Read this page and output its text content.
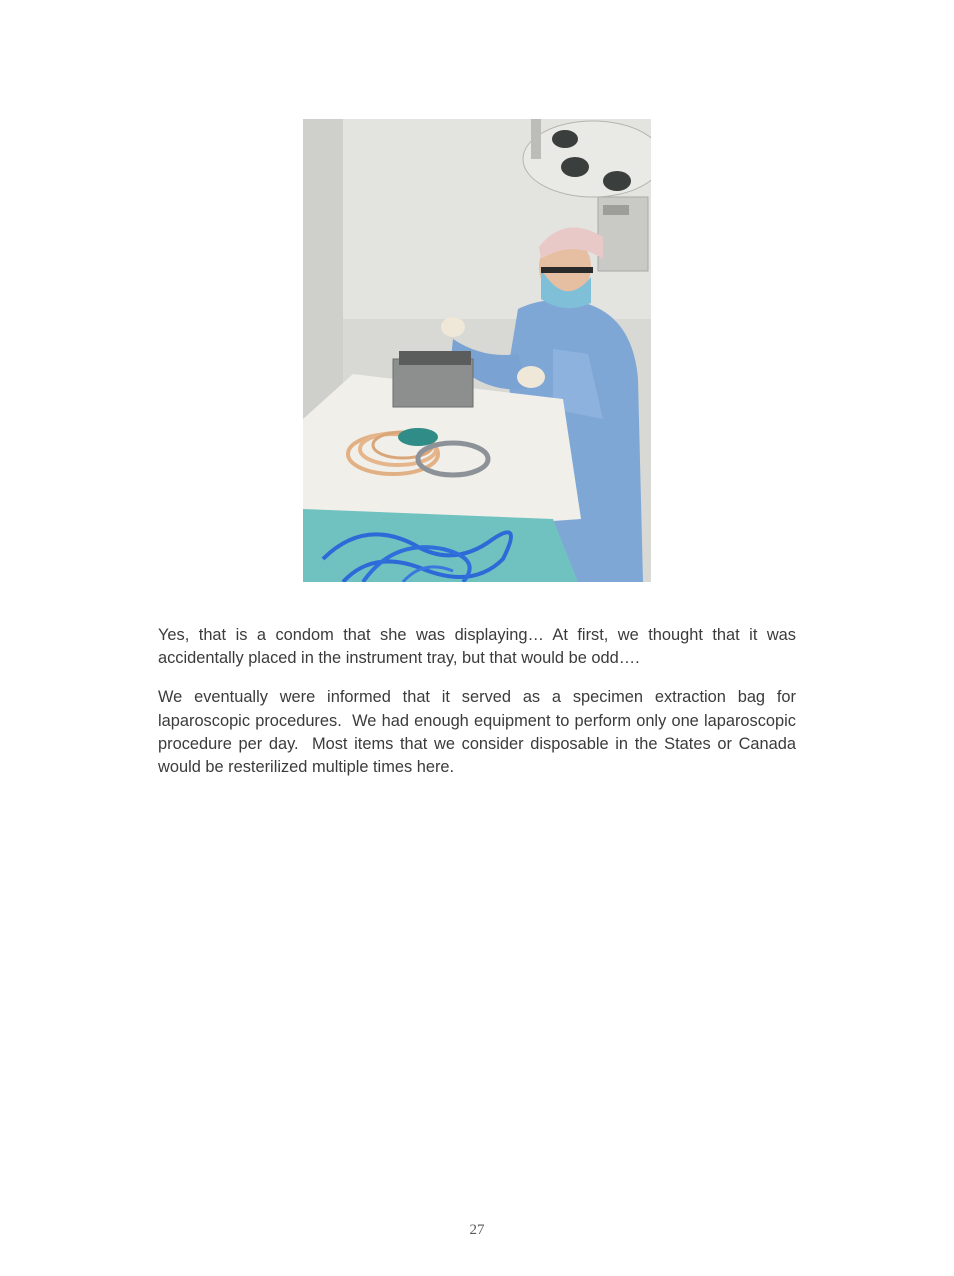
Yes, that is a condom that she was displaying… At first, we thought that it was accidentally placed in the instrument tray, but that would be odd….

We eventually were informed that it served as a specimen extraction bag for laparoscopic procedures.  We had enough equipment to perform only one laparoscopic procedure per day.  Most items that we consider disposable in the States or Canada would be resterilized multiple times here.

27
